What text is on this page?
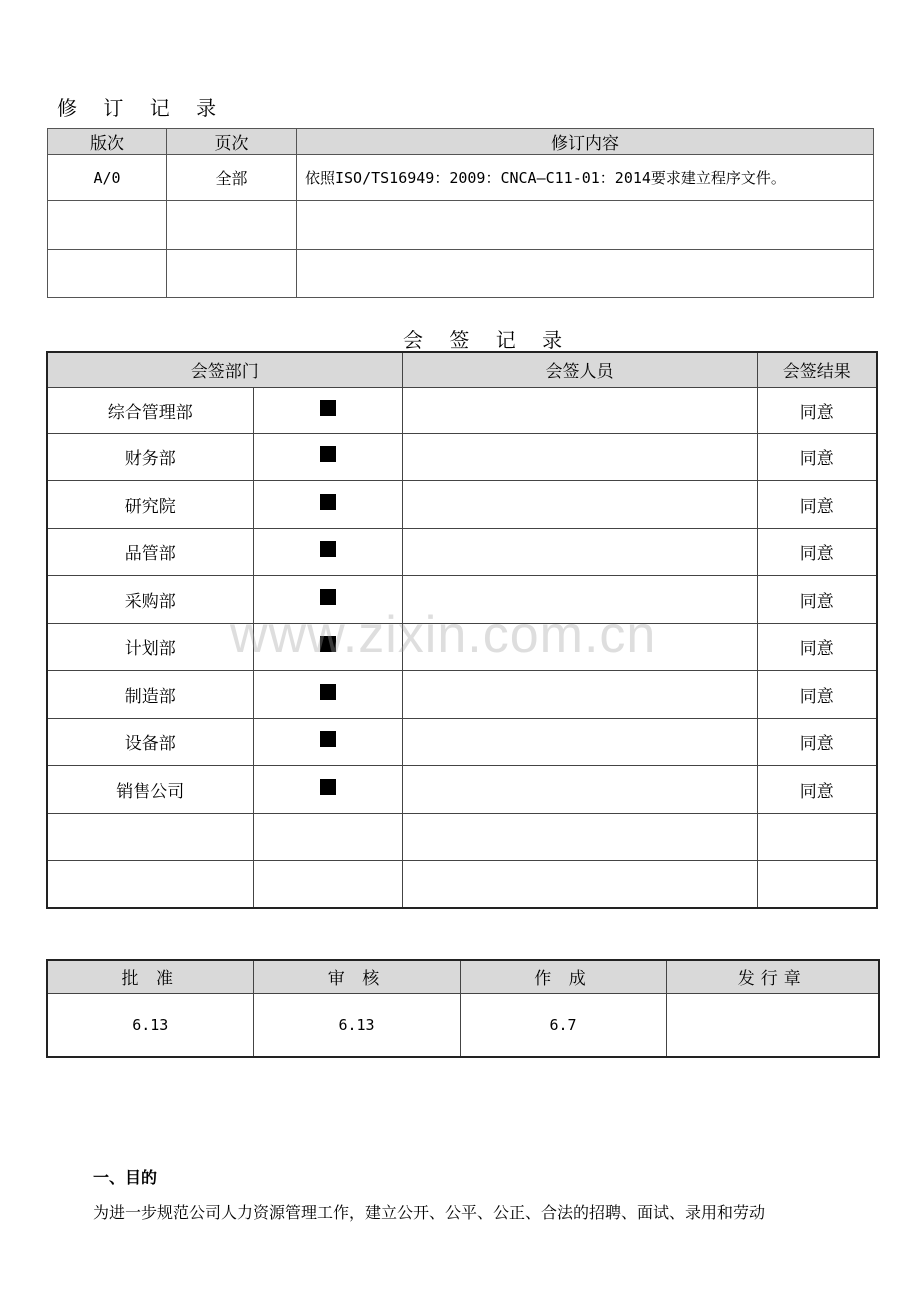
修 订 记 录
版次	页次	修订内容
A/0	全部	依照ISO/TS16949：2009：CNCA—C11-01：2014要求建立程序文件。

会 签 记 录
会签部门		会签人员	会签结果
综合管理部			同意
财务部			同意
研究院			同意
品管部			同意
采购部			同意
计划部			同意
制造部			同意
设备部			同意
销售公司			同意

批 准	审 核	作 成	发行章
6.13	6.13	6.7	
www.zixin.com.cn
一、目的
为进一步规范公司人力资源管理工作，建立公开、公平、公正、合法的招聘、面试、录用和劳动
